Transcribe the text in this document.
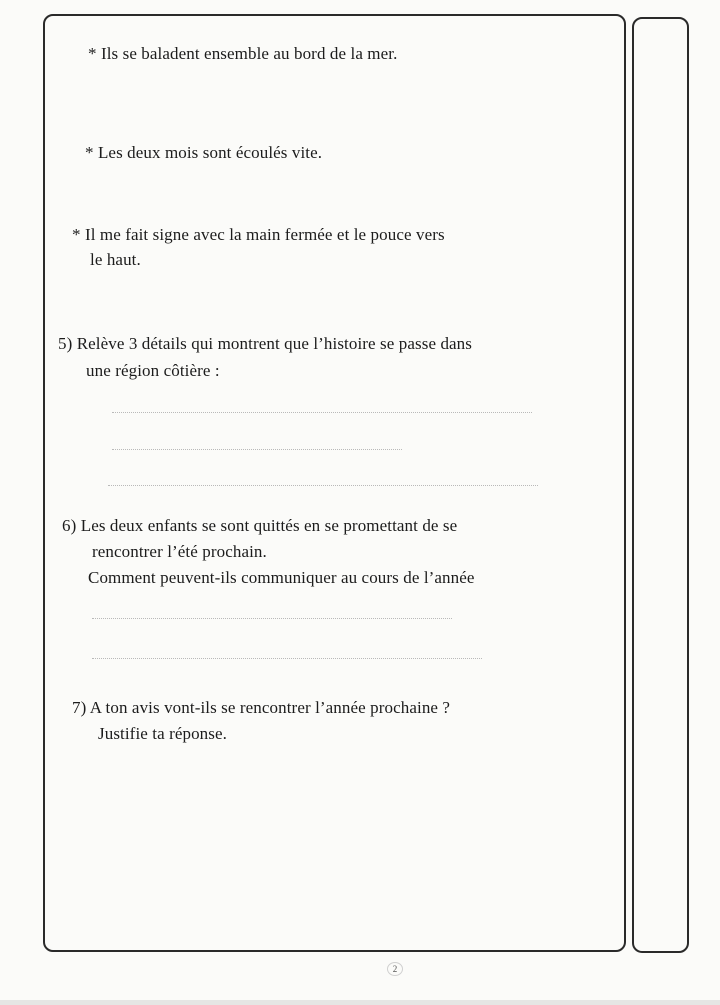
* Ils se baladent ensemble au bord de la mer.
* Les deux mois sont écoulés vite.
* Il me fait signe avec la main fermée et le pouce vers
le haut.
5) Relève 3 détails qui montrent que l’histoire se passe dans
une région côtière :
6) Les deux enfants se sont quittés en se promettant de se
rencontrer l’été prochain.
Comment peuvent-ils communiquer au cours de l’année
7) A ton avis vont-ils se rencontrer l’année prochaine ?
Justifie ta réponse.
2
